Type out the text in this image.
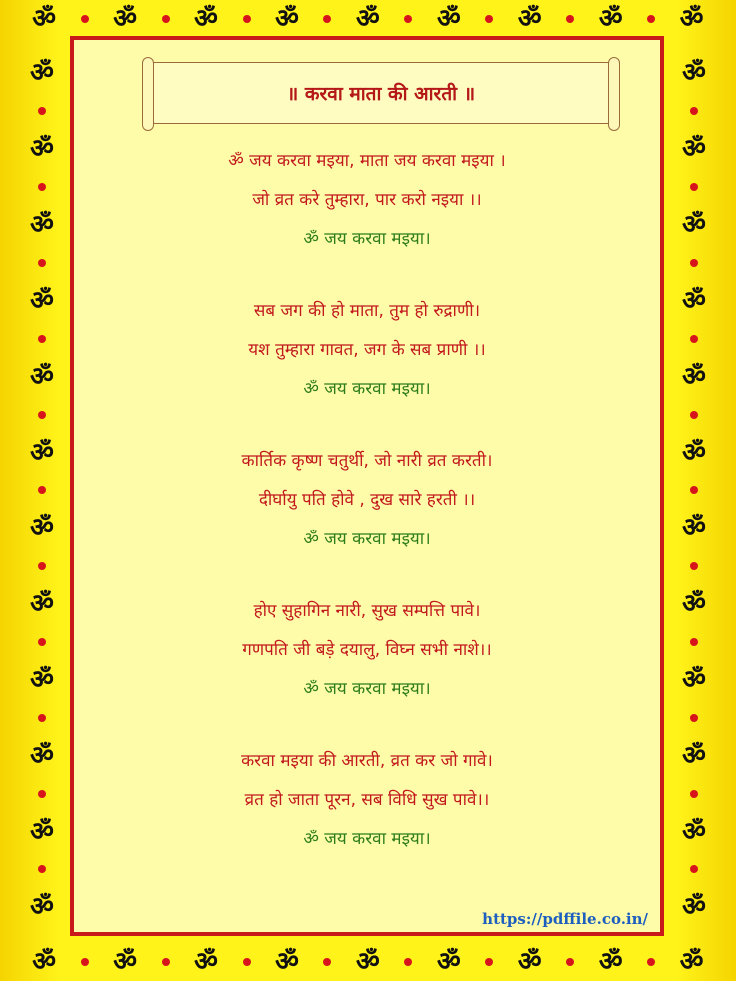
ॐ ॐ ॐ ॐ ॐ ॐ ॐ ॐ ॐ
ॐ ॐ ॐ ॐ ॐ ॐ ॐ ॐ ॐ
ॐ
ॐ
ॐ
ॐ
ॐ
ॐ
ॐ
ॐ
ॐ
ॐ
ॐ
ॐ
ॐ
ॐ
ॐ
ॐ
ॐ
ॐ
ॐ
ॐ
ॐ
ॐ
ॐ
ॐ
॥ करवा माता की आरती ॥
ॐ जय करवा मइया, माता जय करवा मइया ।
जो व्रत करे तुम्हारा, पार करो नइया ।।
ॐ जय करवा मइया।
सब जग की हो माता, तुम हो रुद्राणी।
यश तुम्हारा गावत, जग के सब प्राणी ।।
ॐ जय करवा मइया।
कार्तिक कृष्ण चतुर्थी, जो नारी व्रत करती।
दीर्घायु पति होवे , दुख सारे हरती ।।
ॐ जय करवा मइया।
होए सुहागिन नारी, सुख सम्पत्ति पावे।
गणपति जी बड़े दयालु, विघ्न सभी नाशे।।
ॐ जय करवा मइया।
करवा मइया की आरती, व्रत कर जो गावे।
व्रत हो जाता पूरन, सब विधि सुख पावे।।
ॐ जय करवा मइया।
https://pdffile.co.in/
